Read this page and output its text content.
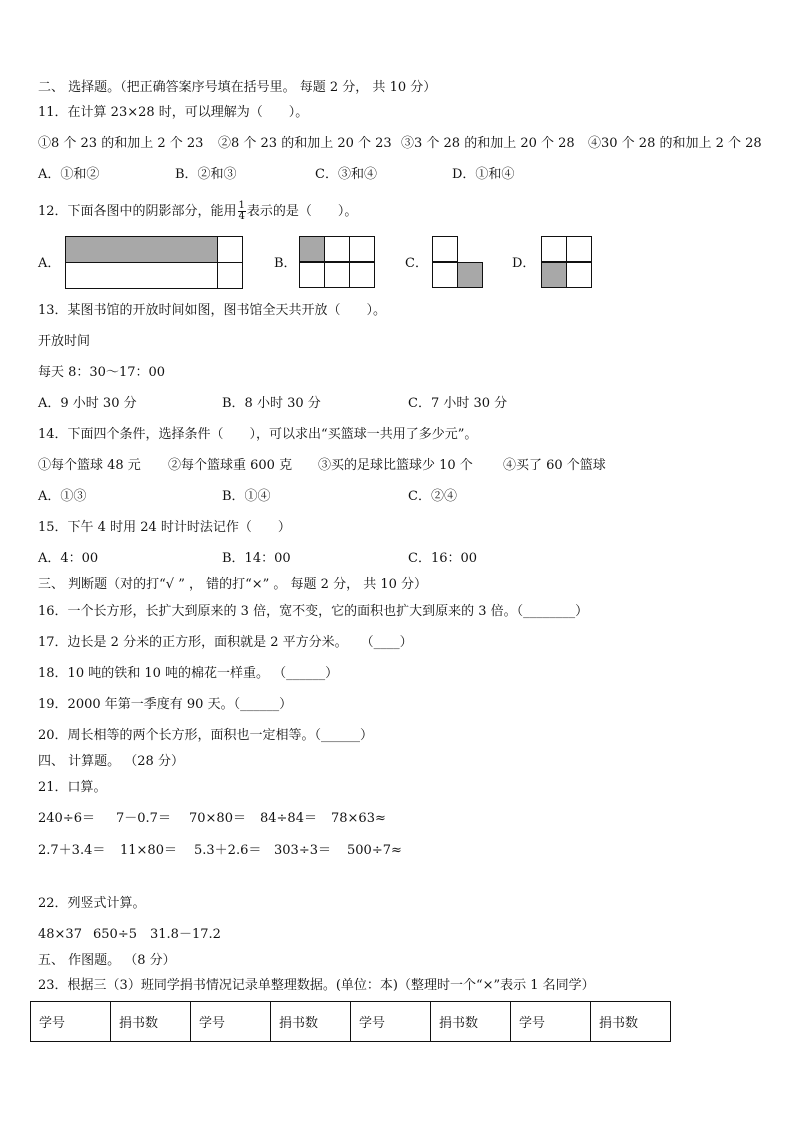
二、 选择题。（把正确答案序号填在括号里。 每题 2 分， 共 10 分）
11．在计算 23×28 时，可以理解为（　　）。
①8 个 23 的和加上 2 个 23 ②8 个 23 的和加上 20 个 23 ③3 个 28 的和加上 20 个 28 ④30 个 28 的和加上 2 个 28
A．①和②	B．②和③	C．③和④	D．①和④
12．下面各图中的阴影部分，能用 $\frac{1}{4}$ 表示的是（　　）。
A．	B．	C．	D．
13．某图书馆的开放时间如图，图书馆全天共开放（　　）。
开放时间
每天 8：30～17：00
A．9 小时 30 分	B．8 小时 30 分	C．7 小时 30 分
14．下面四个条件，选择条件（　　），可以求出“买篮球一共用了多少元”。
①每个篮球 48 元 ②每个篮球重 600 克 ③买的足球比篮球少 10 个 ④买了 60 个篮球
A．①③	B．①④	C．②④
15．下午 4 时用 24 时计时法记作（　　）
A．4：00	B．14：00	C．16：00
三、 判断题（对的打“√ ” ， 错的打“×” 。 每题 2 分， 共 10 分）
16．一个长方形，长扩大到原来的 3 倍，宽不变，它的面积也扩大到原来的 3 倍。（________）
17．边长是 2 分米的正方形，面积就是 2 平方分米。　　（____）
18．10 吨的铁和 10 吨的棉花一样重。 （______）
19．2000 年第一季度有 90 天。（______）
20．周长相等的两个长方形，面积也一定相等。（______）
四、 计算题。 （28 分）
21．口算。
240÷6＝ 7－0.7＝ 70×80＝ 84÷84＝ 78×63≈
2.7＋3.4＝ 11×80＝ 5.3＋2.6＝ 303÷3＝ 500÷7≈
22．列竖式计算。
48×37 650÷5 31.8－17.2
五、 作图题。 （8 分）
23．根据三（3）班同学捐书情况记录单整理数据。(单位：本)（整理时一个“×”表示 1 名同学）
学号	捐书数	学号	捐书数	学号	捐书数	学号	捐书数
